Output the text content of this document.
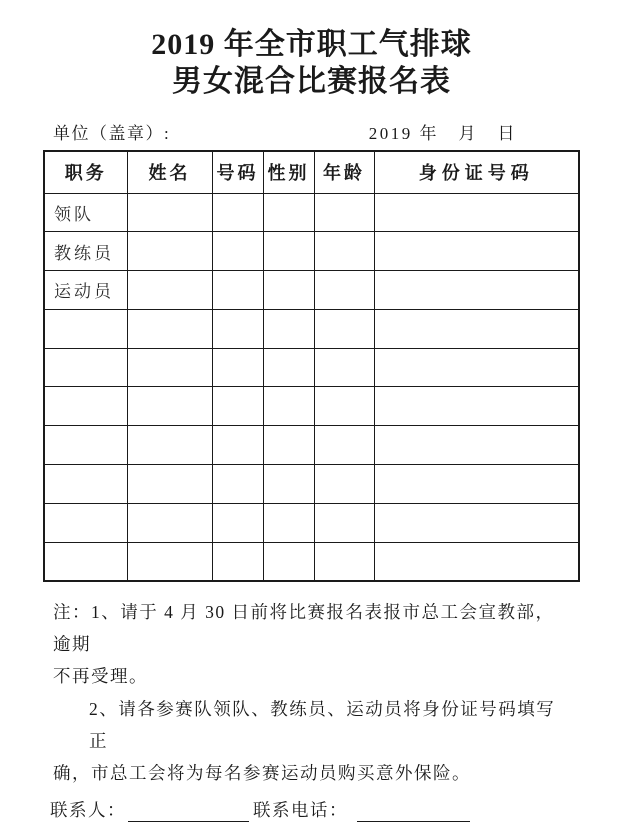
2019 年全市职工气排球
男女混合比赛报名表
单位（盖章）:	2019 年　月　日
职务	姓名	号码	性别	年龄	身份证号码
领队					
教练员					
运动员					

注：1、请于 4 月 30 日前将比赛报名表报市总工会宣教部，逾期
不再受理。

2、请各参赛队领队、教练员、运动员将身份证号码填写正
确，市总工会将为每名参赛运动员购买意外保险。

联系人：	联系电话：
